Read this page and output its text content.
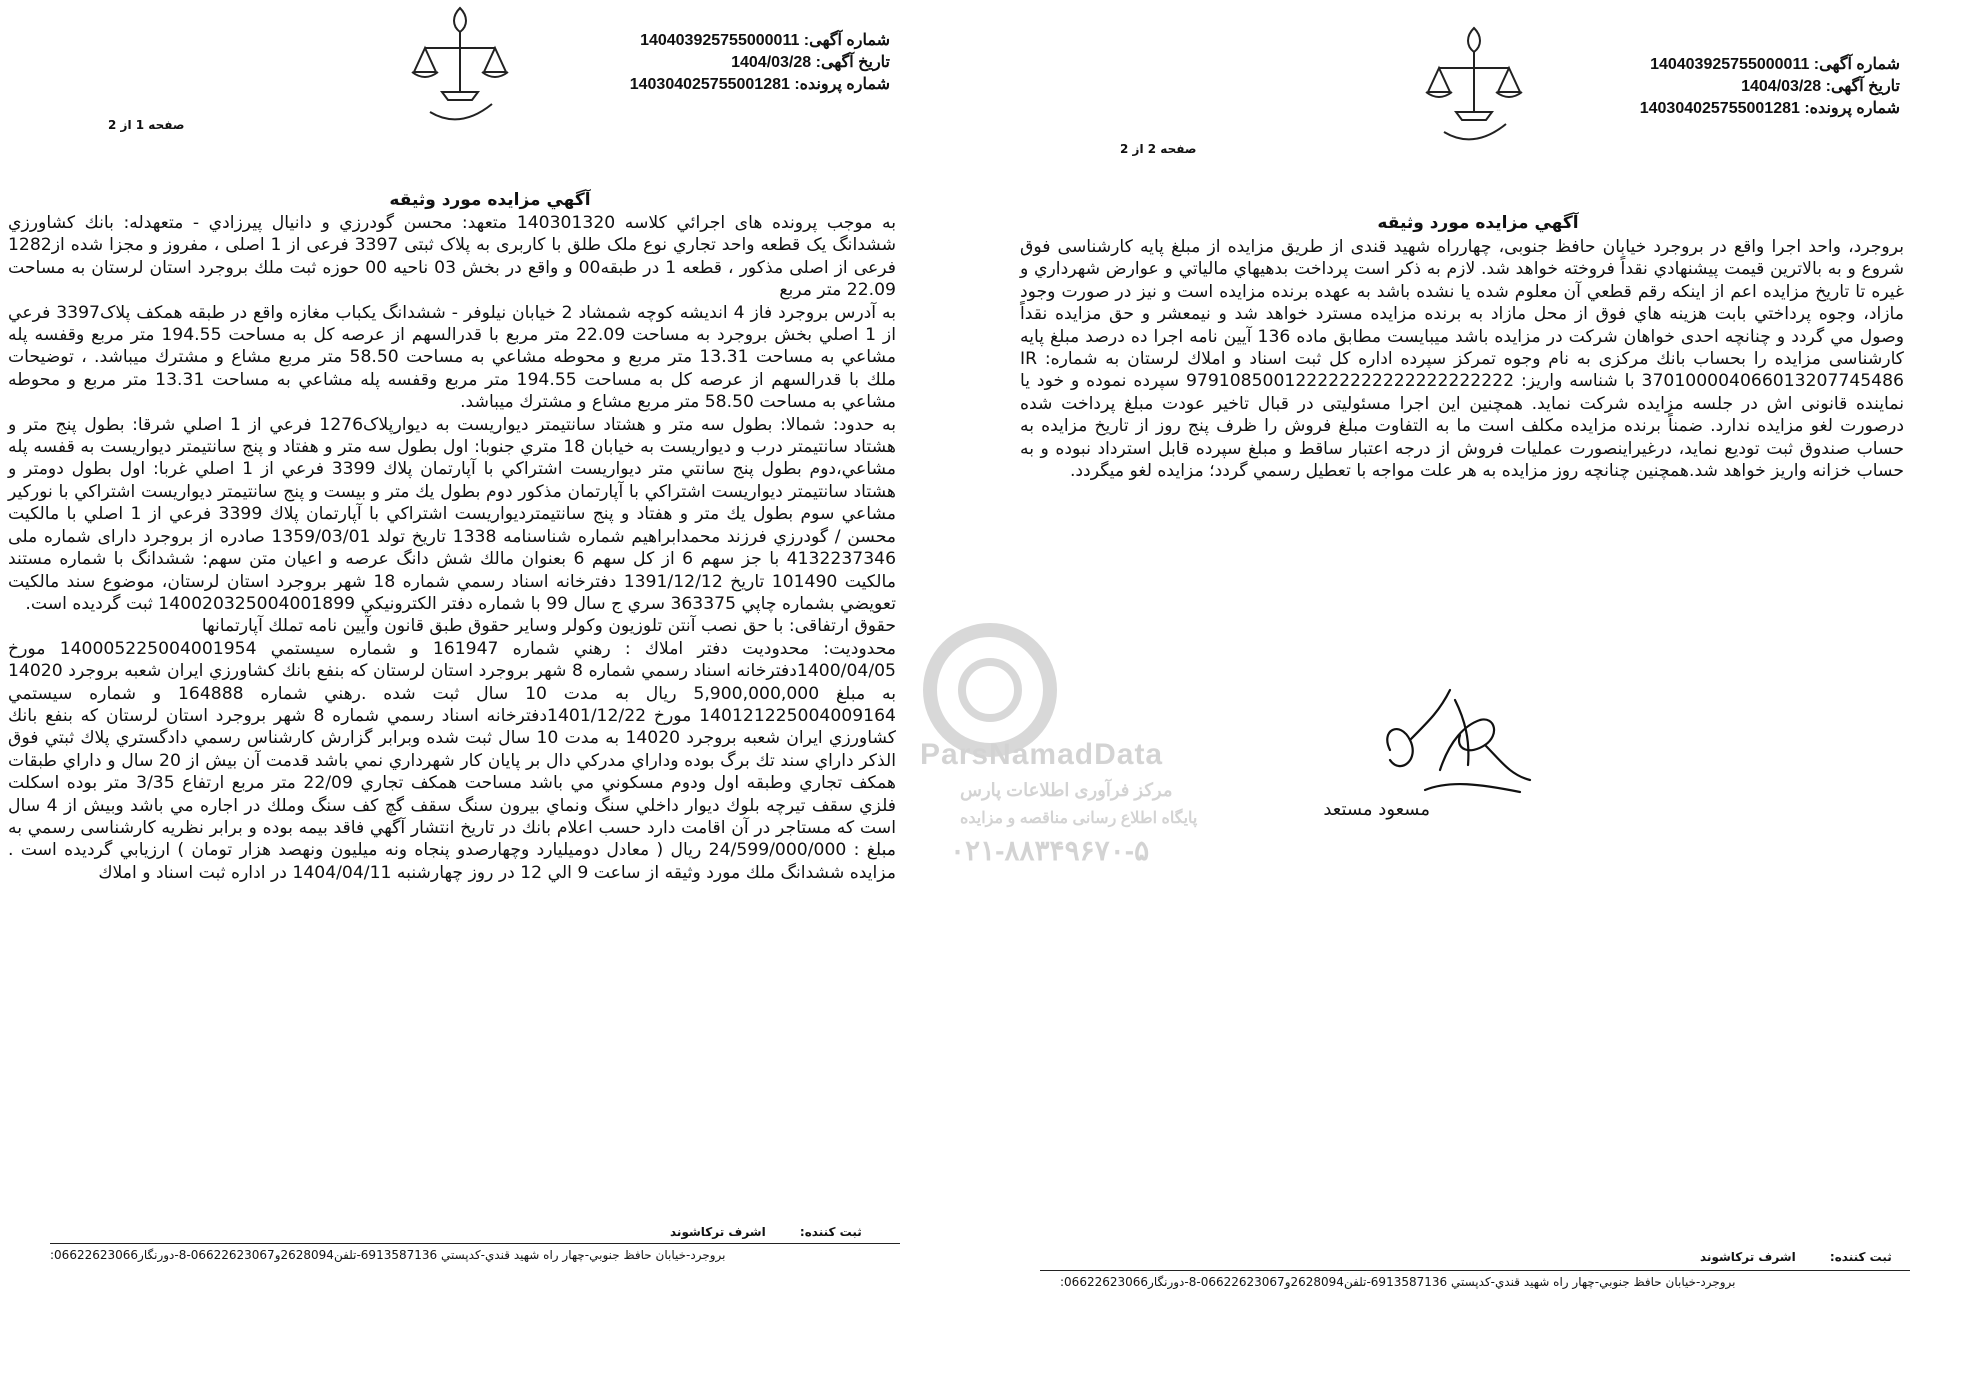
شماره آگهی: 140403925755000011
تاریخ آگهی: 1404/03/28
شماره پرونده: 14030402575500128​1
صفحه 1 از 2
آگهي مزايده مورد وثيقه

به موجب پرونده های اجرائي كلاسه 140301320 متعهد: محسن گودرزي و دانيال پيرزادي - متعهدله: بانك كشاورزي ششدانگ يک قطعه واحد تجاري نوع ملک طلق با کاربری به پلاک ثبتی 3397 فرعی از 1 اصلی ، مفروز و مجزا شده از1282 فرعی از اصلی مذکور ، قطعه 1 در طبقه00 و واقع در بخش 03 ناحيه 00 حوزه ثبت ملك بروجرد استان لرستان به مساحت 22.09 متر مربع

به آدرس بروجرد فاز 4 انديشه كوچه شمشاد 2 خيابان نيلوفر - ششدانگ يكباب مغازه واقع در طبقه همكف پلاک3397 فرعي از 1 اصلي بخش بروجرد به مساحت 22.09 متر مربع با قدرالسهم از عرصه كل به مساحت 194.55 متر مربع وقفسه پله مشاعي به مساحت 13.31 متر مربع و محوطه مشاعي به مساحت 58.50 متر مربع مشاع و مشترك ميباشد. ، توضيحات ملك با قدرالسهم از عرصه كل به مساحت 194.55 متر مربع وقفسه پله مشاعي به مساحت 13.31 متر مربع و محوطه مشاعي به مساحت 58.50 متر مربع مشاع و مشترك ميباشد.

به حدود: شمالا: بطول سه متر و هشتاد سانتيمتر ديواريست به ديوارپلاک1276 فرعي از 1 اصلي شرقا: بطول پنج متر و هشتاد سانتيمتر درب و ديواريست به خيابان 18 متري جنوبا: اول بطول سه متر و هفتاد و پنج سانتيمتر ديواريست به قفسه پله مشاعي،دوم بطول پنج سانتي متر ديواريست اشتراكي با آپارتمان پلاك 3399 فرعي از 1 اصلي غربا: اول بطول دومتر و هشتاد سانتيمتر ديواريست اشتراكي با آپارتمان مذكور دوم بطول يك متر و بيست و پنج سانتيمتر ديواريست اشتراكي با نوركير مشاعي سوم بطول يك متر و هفتاد و پنج سانتيمترديواريست اشتراكي با آپارتمان پلاك 3399 فرعي از 1 اصلي با مالكيت محسن / گودرزي فرزند محمدابراهيم شماره شناسنامه 1338 تاريخ تولد 1359/03/01 صادره از بروجرد داراى شماره ملى 4132237346 با جز سهم 6 از كل سهم 6 بعنوان مالك شش دانگ عرصه و اعيان متن سهم: ششدانگ با شماره مستند مالكيت 101490 تاريخ 1391/12/12 دفترخانه اسناد رسمي شماره 18 شهر بروجرد استان لرستان، موضوع سند مالكيت تعويضي بشماره چاپي 363375 سري ج سال 99 با شماره دفتر الكترونيكي 140020325004001899 ثبت گرديده است.

حقوق ارتفاقى: با حق نصب آنتن تلوزيون وكولر وساير حقوق طبق قانون وآيين نامه تملك آپارتمانها

محدوديت: محدوديت دفتر املاك : رهني شماره 161947 و شماره سيستمي 140005225004001954 مورخ 1400/04/05دفترخانه اسناد رسمي شماره 8 شهر بروجرد استان لرستان كه بنفع بانك كشاورزي ايران شعبه بروجرد 14020 به مبلغ 5,900,000,000 ريال به مدت 10 سال ثبت شده .رهني شماره 164888 و شماره سيستمي 140121225004009164 مورخ 1401/12/22دفترخانه اسناد رسمي شماره 8 شهر بروجرد استان لرستان كه بنفع بانك كشاورزي ايران شعبه بروجرد 14020 به مدت 10 سال ثبت شده وبرابر گزارش كارشناس رسمي دادگستري پلاك ثبتي فوق الذكر داراي سند تك برگ بوده وداراي مدركي دال بر پايان كار شهرداري نمي باشد قدمت آن بيش از 20 سال و داراي طبقات همكف تجاري وطبقه اول ودوم مسكوني مي باشد مساحت همكف تجاري 22/09 متر مربع ارتفاع 3/35 متر بوده اسكلت فلزي سقف تيرچه بلوك ديوار داخلي سنگ ونماي بيرون سنگ سقف گچ كف سنگ وملك در اجاره مي باشد وبيش از 4 سال است كه مستاجر در آن اقامت دارد حسب اعلام بانك در تاريخ انتشار آگهي فاقد بيمه بوده و برابر نظريه كارشناسى رسمي به مبلغ : 24/599/000/000 ريال ( معادل دوميليارد وچهارصدو پنجاه ونه ميليون ونهصد هزار تومان ) ارزيابي گرديده است . مزايده ششدانگ ملك مورد وثيقه از ساعت 9 الي 12 در روز چهارشنبه 1404/04/11 در اداره ثبت اسناد و املاك

ثبت كننده: اشرف تركاشوند
بروجرد-خيابان حافظ جنوبي-چهار راه شهيد قندي-كدپستي 6913587136-تلفن2628094و06622623067-8-دورنگار06622623066:
شماره آگهی: 140403925755000011
تاریخ آگهی: 1404/03/28
شماره پرونده: 140304025755001281
صفحه 2 از 2
آگهي مزايده مورد وثيقه

بروجرد، واحد اجرا واقع در بروجرد خيابان حافظ جنوبى، چهارراه شهيد قندى از طريق مزايده از مبلغ پايه كارشناسى فوق شروع و به بالاترين قيمت پيشنهادي نقداً فروخته خواهد شد. لازم به ذكر است پرداخت بدهيهاي مالياتي و عوارض شهرداري و غيره تا تاريخ مزايده اعم از اينكه رقم قطعي آن معلوم شده يا نشده باشد به عهده برنده مزايده است و نيز در صورت وجود مازاد، وجوه پرداختي بابت هزينه هاي فوق از محل مازاد به برنده مزايده مسترد خواهد شد و نيمعشر و حق مزايده نقداً وصول مي گردد و چنانچه احدى خواهان شركت در مزايده باشد ميبايست مطابق ماده 136 آيين نامه اجرا ده درصد مبلغ پايه كارشناسى مزايده را بحساب بانك مركزى به نام وجوه تمركز سپرده اداره كل ثبت اسناد و املاك لرستان به شماره: IR 370100004066013207745486 با شناسه واريز: 979108500122222222222222222222 سپرده نموده و خود يا نماينده قانونى اش در جلسه مزايده شركت نمايد. همچنين اين اجرا مسئوليتى در قبال تاخير عودت مبلغ پرداخت شده درصورت لغو مزايده ندارد. ضمناً برنده مزايده مكلف است ما به التفاوت مبلغ فروش را ظرف پنج روز از تاريخ مزايده به حساب صندوق ثبت توديع نمايد، درغيراينصورت عمليات فروش از درجه اعتبار ساقط و مبلغ سپرده قابل استرداد نبوده و به حساب خزانه واريز خواهد شد.همچنين چنانچه روز مزايده به هر علت مواجه با تعطيل رسمي گردد؛ مزايده لغو ميگردد.

ثبت كننده: اشرف تركاشوند
بروجرد-خيابان حافظ جنوبي-چهار راه شهيد قندي-كدپستي 6913587136-تلفن2628094و06622623067-8-دورنگار06622623066:
ParsNamadData
مرکز فرآوری اطلاعات پارس
پایگاه اطلاع رسانی مناقصه و مزایده
۰۲۱-۸۸۳۴۹۶۷۰-۵
مسعود مستعد
